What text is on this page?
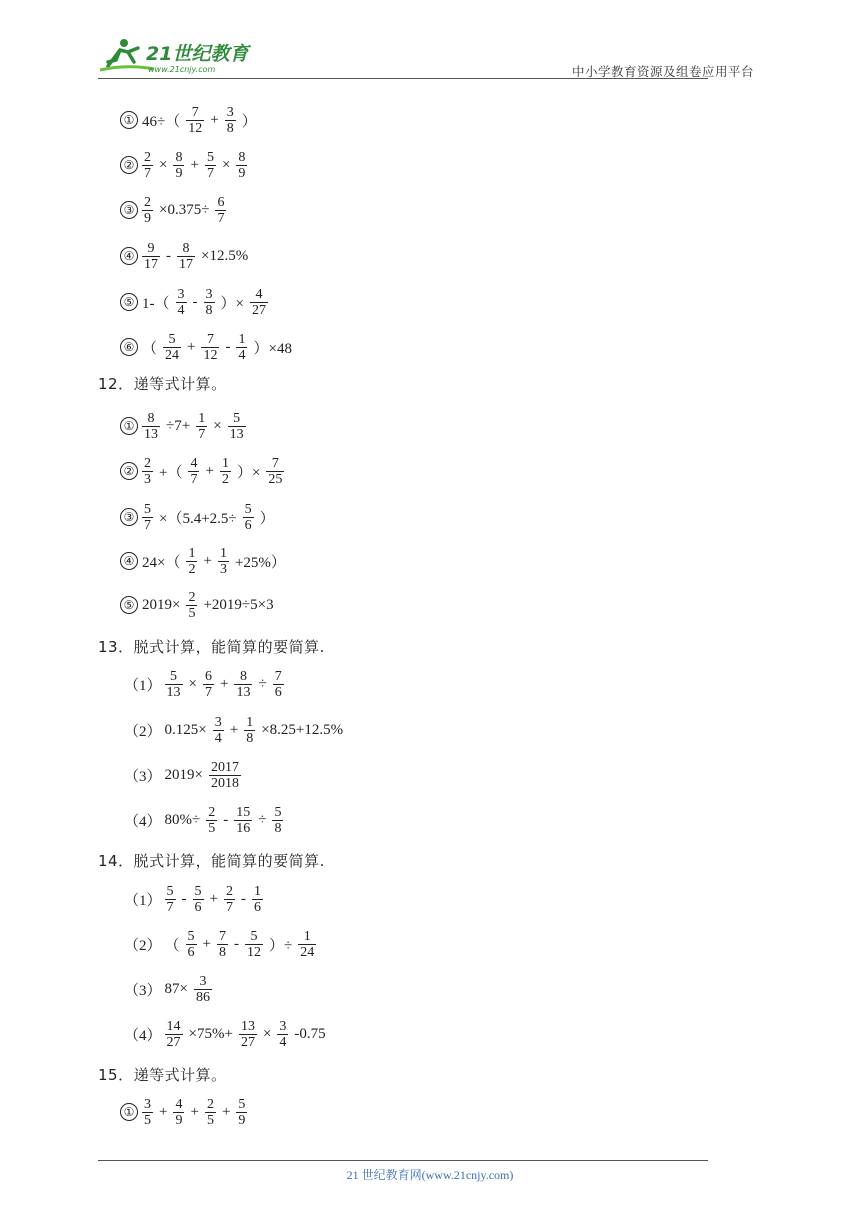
21世纪教育
www.21cnjy.com	中小学教育资源及组卷应用平台
① $46\div( \frac{7}{12} + \frac{3}{8}$ ）
② $\frac{2}{7} \times \frac{8}{9} + \frac{5}{7} \times \frac{8}{9}$
③ $\frac{2}{9} \times 0.375\div \frac{6}{7}$
④ $\frac{9}{17} - \frac{8}{17} \times 12.5\%$
⑤ $1-( \frac{3}{4} - \frac{3}{8}$ ）× $\frac{4}{27}$
⑥ （ $\frac{5}{24} + \frac{7}{12} - \frac{1}{4} )\times 48$
12．递等式计算。
① $\frac{8}{13} \div 7+ \frac{1}{7} \times \frac{5}{13}$
② $\frac{2}{3}$ +（ $\frac{4}{7} + \frac{1}{2}$ ）× $\frac{7}{25}$
③ $\frac{5}{7} \times(5.4+2.5\div \frac{5}{6}$ ）
④ $24\times( \frac{1}{2} + \frac{1}{3} +25\%)$
⑤ $2019\times \frac{2}{5} +2019\div 5\times 3$
13．脱式计算，能简算的要简算.
$(1) \frac{5}{13} \times \frac{6}{7} + \frac{8}{13} \div \frac{7}{6}$
（2） $0.125\times \frac{3}{4} + \frac{1}{8} \times 8.25+12.5\%$
（3） $2019\times \frac{2017}{2018}$
（4） $80\%\div \frac{2}{5} - \frac{15}{16} \div \frac{5}{8}$
14．脱式计算，能简算的要简算.
$(1) \frac{5}{7} - \frac{5}{6} + \frac{2}{7} - \frac{1}{6}$
（2） （ $\frac{5}{6} + \frac{7}{8} - \frac{5}{12}$ ）÷ $\frac{1}{24}$
（3） $87\times \frac{3}{86}$
$(4) \frac{14}{27} \times 75\%+ \frac{13}{27} \times \frac{3}{4} -0.75$
15．递等式计算。
① $\frac{3}{5} + \frac{4}{9} + \frac{2}{5} + \frac{5}{9}$
21 世纪教育网(www.21cnjy.com)
